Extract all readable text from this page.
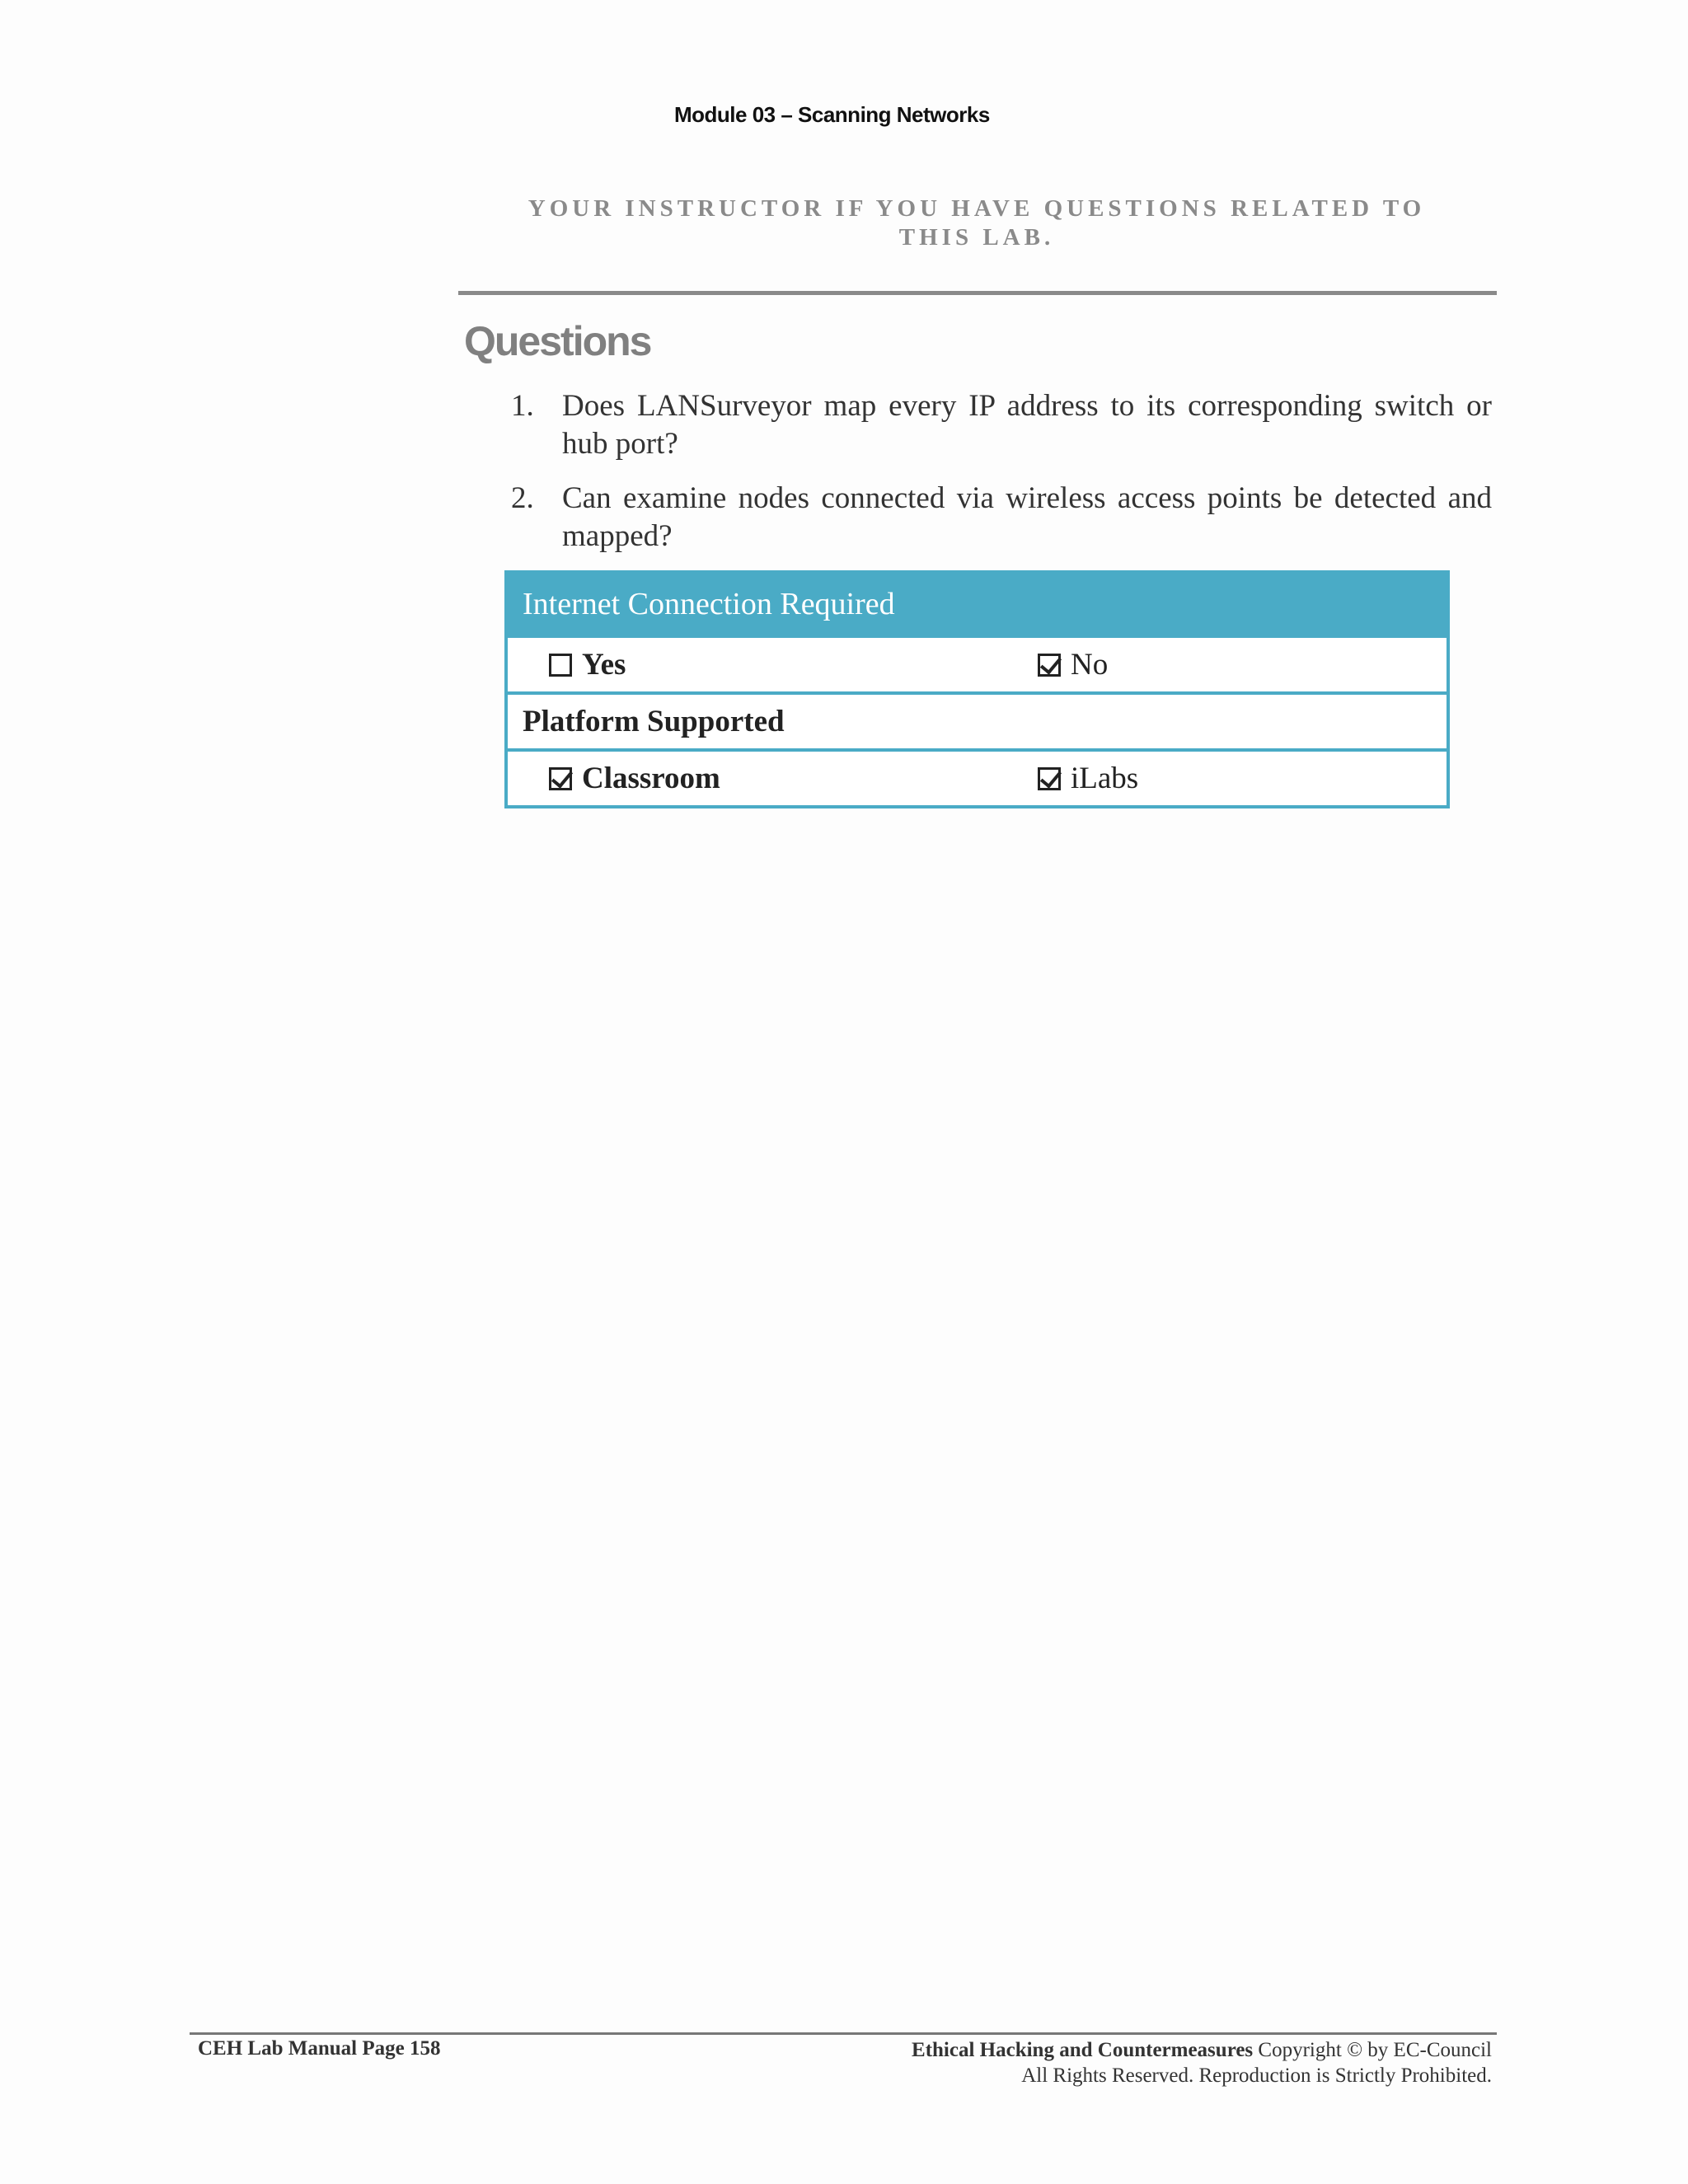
Module 03 – Scanning Networks
YOUR INSTRUCTOR IF YOU HAVE QUESTIONS RELATED TO
THIS LAB.
Questions
1. Does LANSurveyor map every IP address to its corresponding switch or hub port?
2. Can examine nodes connected via wireless access points be detected and mapped?
Internet Connection Required
Yes	No
Platform Supported
Classroom	iLabs
CEH Lab Manual Page 158	Ethical Hacking and Countermeasures Copyright © by EC-Council
All Rights Reserved. Reproduction is Strictly Prohibited.
